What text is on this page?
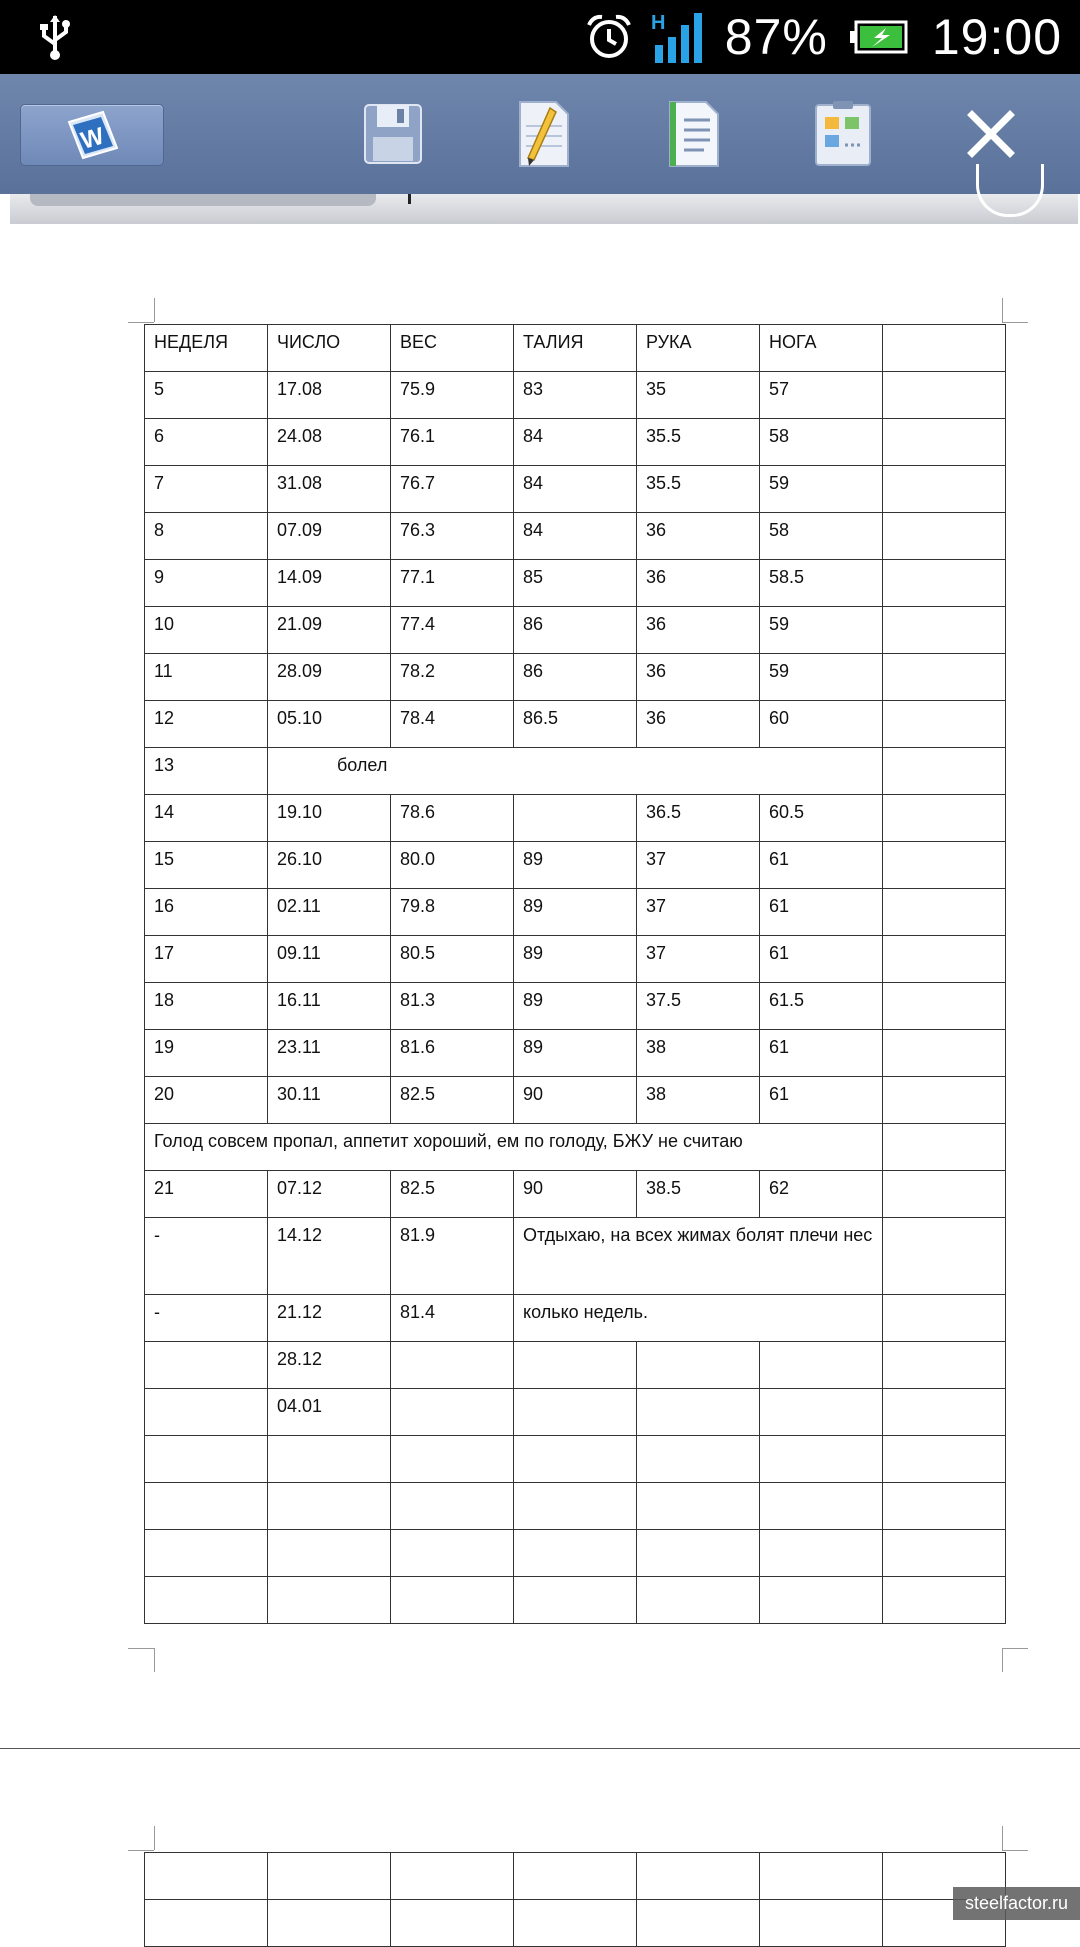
H 87% 19:00
W
НЕДЕЛЯ	ЧИСЛО	ВЕС	ТАЛИЯ	РУКА	НОГА	

5	17.08	75.9	83	35	57	

6	24.08	76.1	84	35.5	58	

7	31.08	76.7	84	35.5	59	

8	07.09	76.3	84	36	58	

9	14.09	77.1	85	36	58.5	

10	21.09	77.4	86	36	59	

11	28.09	78.2	86	36	59	

12	05.10	78.4	86.5	36	60	

13	болел					

14	19.10	78.6		36.5	60.5	

15	26.10	80.0	89	37	61	

16	02.11	79.8	89	37	61	

17	09.11	80.5	89	37	61	

18	16.11	81.3	89	37.5	61.5	

19	23.11	81.6	89	38	61	

20	30.11	82.5	90	38	61	

Голод совсем пропал, аппетит хороший, ем по голоду, БЖУ не считаю						

21	07.12	82.5	90	38.5	62	

-	14.12	81.9	Отдыхаю, на всех жимах болят плечи нес			

-	21.12	81.4	колько недель.			

	28.12					

	04.01					

steelfactor.ru
